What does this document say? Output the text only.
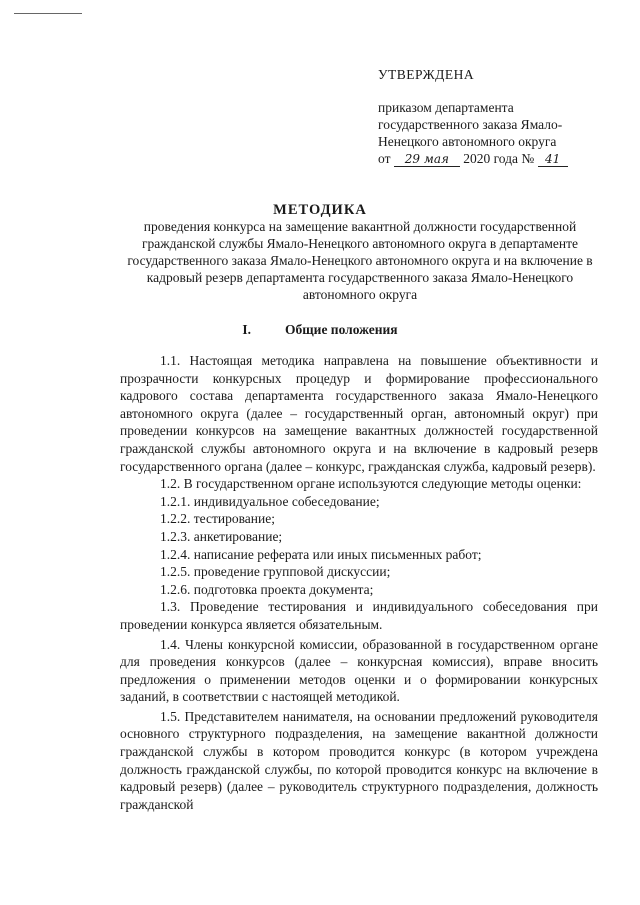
УТВЕРЖДЕНА
приказом департамента
государственного заказа Ямало-
Ненецкого автономного округа
от 29 мая 2020 года № 41
МЕТОДИКА
проведения конкурса на замещение вакантной должности государственной гражданской службы Ямало-Ненецкого автономного округа в департаменте государственного заказа Ямало-Ненецкого автономного округа и на включение в кадровый резерв департамента государственного заказа Ямало-Ненецкого автономного округа
I.	Общие положения

1.1. Настоящая методика направлена на повышение объективности и прозрачности конкурсных процедур и формирование профессионального кадрового состава департамента государственного заказа Ямало-Ненецкого автономного округа (далее – государственный орган, автономный округ) при проведении конкурсов на замещение вакантных должностей государственной гражданской службы автономного округа и на включение в кадровый резерв государственного органа (далее – конкурс, гражданская служба, кадровый резерв).

1.2. В государственном органе используются следующие методы оценки:

1.2.1. индивидуальное собеседование;

1.2.2. тестирование;

1.2.3. анкетирование;

1.2.4. написание реферата или иных письменных работ;

1.2.5. проведение групповой дискуссии;

1.2.6. подготовка проекта документа;

1.3. Проведение тестирования и индивидуального собеседования при проведении конкурса является обязательным.

1.4. Члены конкурсной комиссии, образованной в государственном органе для проведения конкурсов (далее – конкурсная комиссия), вправе вносить предложения о применении методов оценки и о формировании конкурсных заданий, в соответствии с настоящей методикой.

1.5. Представителем нанимателя, на основании предложений руководителя основного структурного подразделения, на замещение вакантной должности гражданской службы в котором проводится конкурс (в котором учреждена должность гражданской службы, по которой проводится конкурс на включение в кадровый резерв) (далее – руководитель структурного подразделения, должность гражданской
